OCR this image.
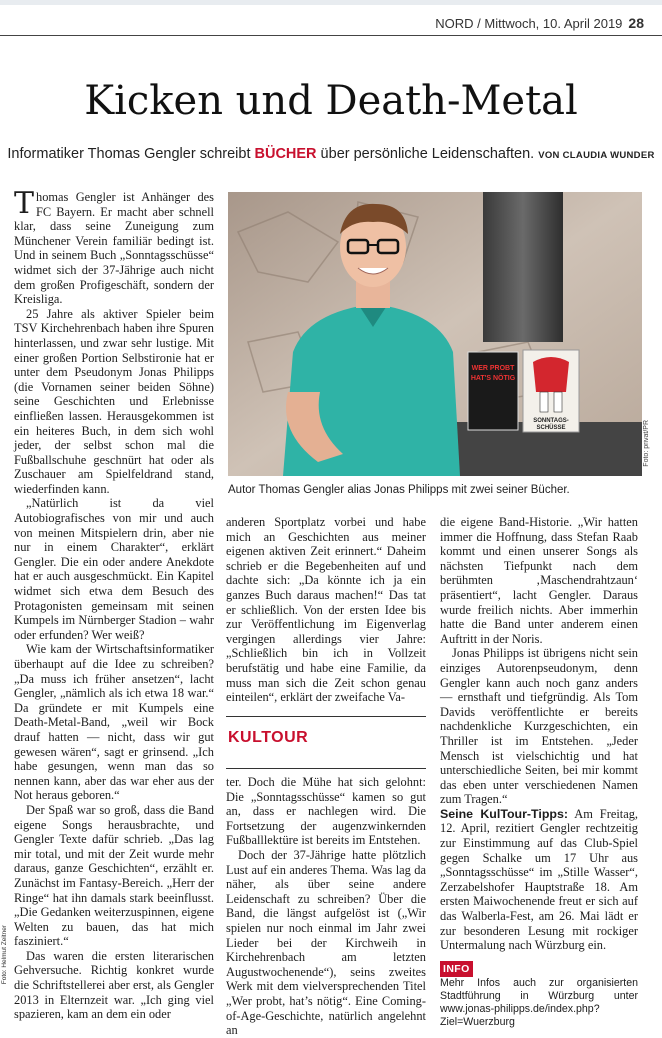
NORD / Mittwoch, 10. April 2019 28
Kicken und Death-Metal
Informatiker Thomas Gengler schreibt BÜCHER über persönliche Leidenschaften. VON CLAUDIA WUNDER
Foto: Helmut Zeitner

Thomas Gengler ist Anhänger des FC Bayern. Er macht aber schnell klar, dass seine Zuneigung zum Münchener Verein familiär bedingt ist. Und in seinem Buch „Sonntagsschüsse“ widmet sich der 37-Jährige auch nicht dem großen Profigeschäft, sondern der Kreisliga.

25 Jahre als aktiver Spieler beim TSV Kirchehrenbach haben ihre Spuren hinterlassen, und zwar sehr lustige. Mit einer großen Portion Selbstironie hat er unter dem Pseudonym Jonas Philipps (die Vornamen seiner beiden Söhne) seine Geschichten und Erlebnisse einfließen lassen. Herausgekommen ist ein heiteres Buch, in dem sich wohl jeder, der selbst schon mal die Fußballschuhe geschnürt hat oder als Zuschauer am Spielfeldrand stand, wiederfinden kann.

„Natürlich ist da viel Autobiografisches von mir und auch von meinen Mitspielern drin, aber nie nur in einem Charakter“, erklärt Gengler. Die ein oder andere Anekdote hat er auch ausgeschmückt. Ein Kapitel widmet sich etwa dem Besuch des Protagonisten gemeinsam mit seinen Kumpels im Nürnberger Stadion – wahr oder erfunden? Wer weiß?

Wie kam der Wirtschaftsinformatiker überhaupt auf die Idee zu schreiben? „Da muss ich früher ansetzen“, lacht Gengler, „nämlich als ich etwa 18 war.“ Da gründete er mit Kumpels eine Death-Metal-Band, „weil wir Bock drauf hatten — nicht, dass wir gut gewesen wären“, sagt er grinsend. „Ich habe gesungen, wenn man das so nennen kann, aber das war eher aus der Not heraus geboren.“

Der Spaß war so groß, dass die Band eigene Songs herausbrachte, und Gengler Texte dafür schrieb. „Das lag mir total, und mit der Zeit wurde mehr daraus, ganze Geschichten“, erzählt er. Zunächst im Fantasy-Bereich. „Herr der Ringe“ hat ihn damals stark beeinflusst. „Die Gedanken weiterzuspinnen, eigene Welten zu bauen, das hat mich fasziniert.“

Das waren die ersten literarischen Gehversuche. Richtig konkret wurde die Schriftstellerei aber erst, als Gengler 2013 in Elternzeit war. „Ich ging viel spazieren, kam an dem ein oder

WER PROBT
HAT'S NÖTIG
SONNTAGS-
SCHÜSSE	Foto: privat/PR
Autor Thomas Gengler alias Jonas Philipps mit zwei seiner Bücher.

anderen Sportplatz vorbei und habe mich an Geschichten aus meiner eigenen aktiven Zeit erinnert.“ Daheim schrieb er die Begebenheiten auf und dachte sich: „Da könnte ich ja ein ganzes Buch daraus machen!“ Das tat er schließlich. Von der ersten Idee bis zur Veröffentlichung im Eigenverlag vergingen allerdings vier Jahre: „Schließlich bin ich in Vollzeit berufstätig und habe eine Familie, da muss man sich die Zeit schon genau einteilen“, erklärt der zweifache Va-

KULTOUR

ter. Doch die Mühe hat sich gelohnt: Die „Sonntagsschüsse“ kamen so gut an, dass er nachlegen wird. Die Fortsetzung der augenzwinkernden Fußballlektüre ist bereits im Entstehen.

Doch der 37-Jährige hatte plötzlich Lust auf ein anderes Thema. Was lag da näher, als über seine andere Leidenschaft zu schreiben? Über die Band, die längst aufgelöst ist („Wir spielen nur noch einmal im Jahr zwei Lieder bei der Kirchweih in Kirchehrenbach am letzten Augustwochenende“), seins zweites Werk mit dem vielversprechenden Titel „Wer probt, hat’s nötig“. Eine Coming-of-Age-Geschichte, natürlich angelehnt an

die eigene Band-Historie. „Wir hatten immer die Hoffnung, dass Stefan Raab kommt und einen unserer Songs als nächsten Tiefpunkt nach dem berühmten ‚Maschendrahtzaun‘ präsentiert“, lacht Gengler. Daraus wurde freilich nichts. Aber immerhin hatte die Band unter anderem einen Auftritt in der Noris.

Jonas Philipps ist übrigens nicht sein einziges Autorenpseudonym, denn Gengler kann auch noch ganz anders — ernsthaft und tiefgründig. Als Tom Davids veröffentlichte er bereits nachdenkliche Kurzgeschichten, ein Thriller ist im Entstehen. „Jeder Mensch ist vielschichtig und hat unterschiedliche Seiten, bei mir kommt das eben unter verschiedenen Namen zum Tragen.“

Seine KulTour-Tipps: Am Freitag, 12. April, rezitiert Gengler rechtzeitig zur Einstimmung auf das Club-Spiel gegen Schalke um 17 Uhr aus „Sonntagsschüsse“ im „Stille Wasser“, Zerzabelshofer Hauptstraße 18. Am ersten Maiwochenende freut er sich auf das Walberla-Fest, am 26. Mai lädt er zur besonderen Lesung mit rockiger Untermalung nach Würzburg ein.

INFO
Mehr Infos auch zur organisierten Stadtführung in Würzburg unter www.jonas-philipps.de/index.php?Ziel=Wuerzburg
